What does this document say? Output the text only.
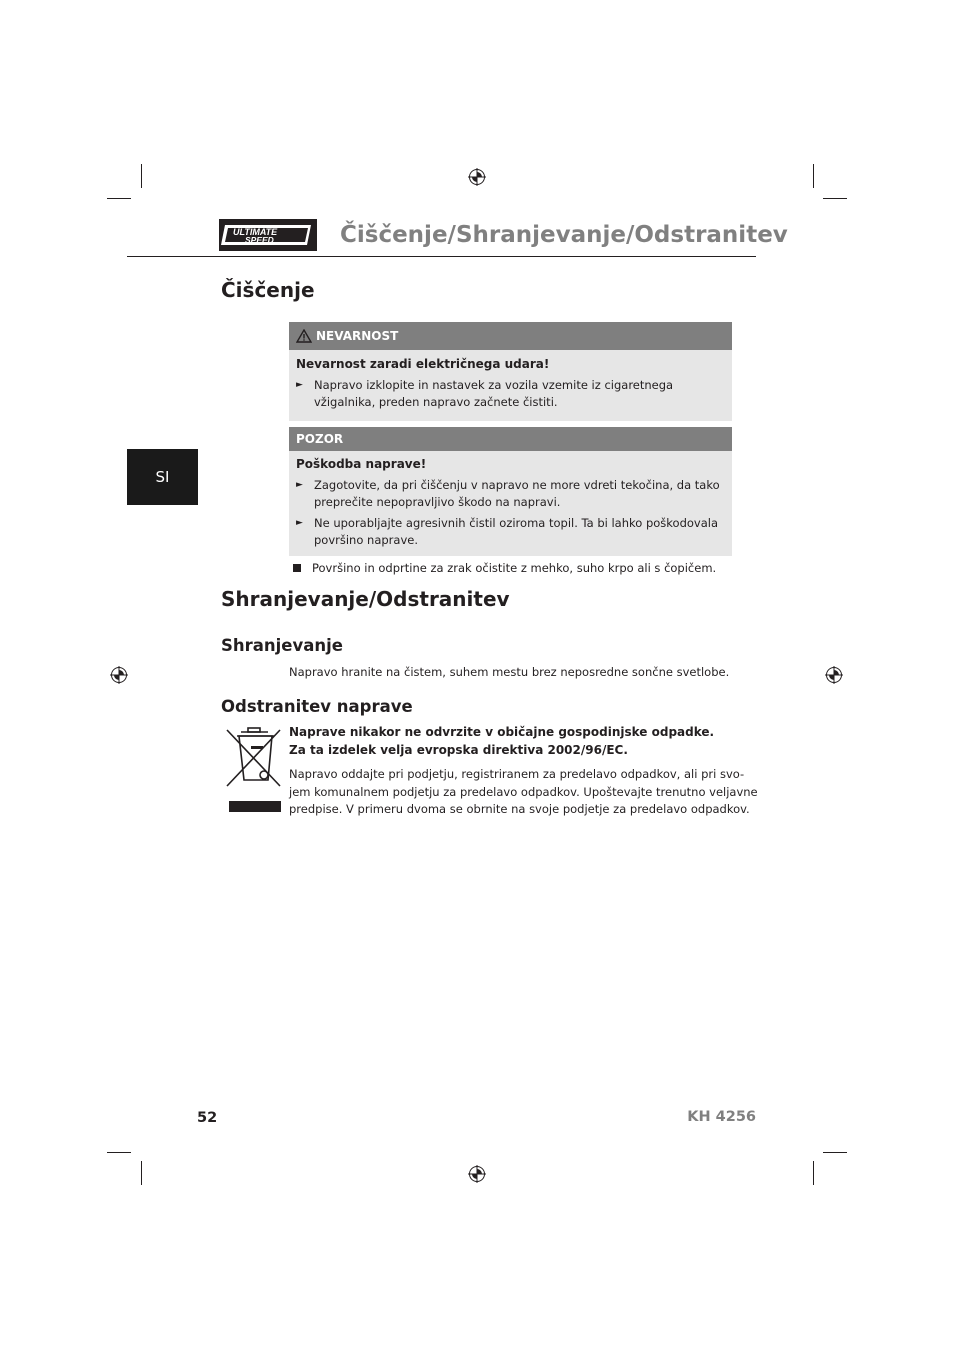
ULTIMATE
SPEED	Čiščenje/Shranjevanje/Odstranitev
SI
Čiščenje
NEVARNOST
Nevarnost zaradi električnega udara!
► Napravo izklopite in nastavek za vozila vzemite iz cigaretnega vžigalnika, preden napravo začnete čistiti.
POZOR
Poškodba naprave!
► Zagotovite, da pri čiščenju v napravo ne more vdreti tekočina, da tako preprečite nepopravljivo škodo na napravi.
► Ne uporabljajte agresivnih čistil oziroma topil. Ta bi lahko poškodovala površino naprave.
Površino in odprtine za zrak očistite z mehko, suho krpo ali s čopičem.
Shranjevanje/Odstranitev
Shranjevanje
Napravo hranite na čistem, suhem mestu brez neposredne sončne svetlobe.
Odstranitev naprave
Naprave nikakor ne odvrzite v običajne gospodinjske odpadke.
Za ta izdelek velja evropska direktiva 2002/96/EC.
Napravo oddajte pri podjetju, registriranem za predelavo odpadkov, ali pri svo-
jem komunalnem podjetju za predelavo odpadkov. Upoštevajte trenutno veljavne
predpise. V primeru dvoma se obrnite na svoje podjetje za predelavo odpadkov.
52	KH 4256
